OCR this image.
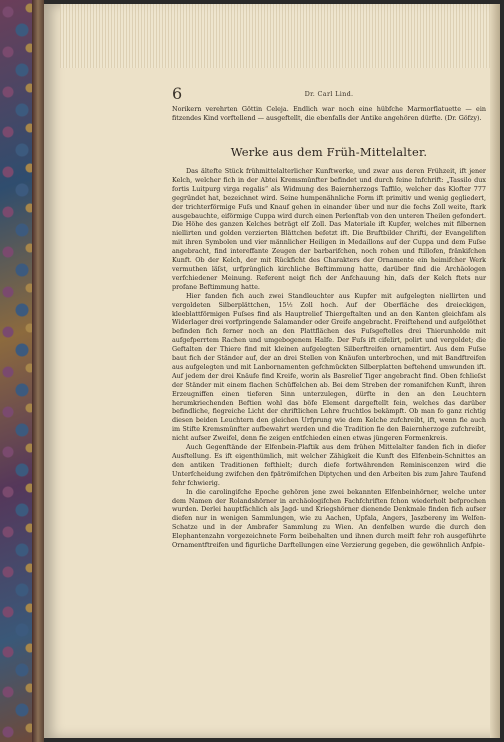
6	Dr. Carl Lind.
Norikern verehrten Göttin Celeja. Endlich war noch eine hübfche Marmorflatuette — ein fitzendes Kind vorftellend — ausgeftellt, die ebenfalls der Antike angehören dürfte. (Dr. Göfzy).
Werke aus dem Früh-Mittelalter.

Das ältefte Stück frühmittelalterlicher Kunftwerke, und zwar aus deren Frühzeit, ift jener Kelch, welcher fich in der Abtei Kremsmünfter befindet und durch feine Infchrift: „Tassilo dux fortis Luitpurg virga regalis“ als Widmung des Baiernherzogs Taffilo, welcher das Klofter 777 gegründet hat, bezeichnet wird. Seine humpenähnliche Form ift primitiv und wenig gegliedert, der trichterförmige Fuſs und Knauf gehen in einander über und nur die fechs Zoll weite, ftark ausgebauchte, eiförmige Cuppa wird durch einen Perlenftab von den unteren Theilen gefondert. Die Höhe des ganzen Kelches beträgt elf Zoll. Das Materiale ift Kupfer, welches mit filbernen niellirten und golden verzierten Blättchen befetzt ift. Die Bruftbilder Chrifti, der Evangeliften mit ihren Symbolen und vier männlicher Heiligen in Medaillons auf der Cuppa und dem Fuſse angebracht, find intereffante Zeugen der barbarifchen, noch rohen und ftillofen, fränkifchen Kunft. Ob der Kelch, der mit Rückficht des Charakters der Ornamente ein heimifcher Werk vermuthen läſst, urfprünglich kirchliche Beftimmung hatte, darüber find die Archäologen verfchiedener Meinung. Referent neigt fich der Anfchauung hin, daſs der Kelch ftets nur profane Beftimmung hatte.

Hier fanden fich auch zwei Standleuchter aus Kupfer mit aufgelegten niellirten und vergoldeten Silberplättchen, 15½ Zoll hoch. Auf der Oberfläche des dreieckigen, kleeblattförmigen Fuſses find als Hauptrelief Thiergeftalten und an den Kanten gleichfam als Widerlager drei vorfpringende Salamander oder Greife angebracht. Freiftehend und aufgelöthet befinden fich ferner noch an den Plattflächen des Fuſsgeftelles drei Thierunholde mit aufgefperrtem Rachen und umgebogenem Halfe. Der Fuſs ift cifelirt, polirt und vergoldet; die Geftalten der Thiere find mit kleinen aufgelegten Silberftreifen ornamentirt. Aus dem Fuſse baut fich der Ständer auf, der an drei Stellen von Knäufen unterbrochen, und mit Bandftreifen aus aufgelegten und mit Lanbornamenten gefchmückten Silberplatten beftehend umwunden ift. Auf jedem der drei Knäufe find Kreife, worin als Basrelief Tiger angebracht find. Oben fchlieſst der Ständer mit einem flachen Schüffelchen ab. Bei dem Streben der romanifchen Kunft, ihren Erzeugniffen einen tieferen Sinn unterzulegen, dürfte in den an den Leuchtern herumkriechenden Beftien wohl das böfe Element dargeftellt fein, welches das darüber befindliche, fiegreiche Licht der chriftlichen Lehre fruchtlos bekämpft. Ob man fo ganz richtig diesen beiden Leuchtern den gleichen Urfprung wie dem Kelche zufchreibt, ift, wenn fie auch im Stifte Kremsmünfter aufbewahrt werden und die Tradition fie den Baiernherzoge zufchreibt, nicht aufser Zweifel, denn fie zeigen entfchieden einen etwas jüngeren Formenkreis.

Auch Gegenftände der Elfenbein-Plaftik aus dem frühen Mittelalter fanden fich in diefer Ausftellung. Es ift eigenthümlich, mit welcher Zähigkeit die Kunft des Elfenbein-Schnittes an den antiken Traditionen fefthielt; durch diefe fortwährenden Reminiscenzen wird die Unterfcheidung zwifchen den fpätrömifchen Diptychen und den Arbeiten bis zum Jahre Taufend fehr fchwierig.

In die carolingifche Epoche gehören jene zwei bekannten Elfenbeinhörner, welche unter dem Namen der Rolandshörner in archäologifchen Fachfchriften fchon wiederholt befprochen wurden. Derlei hauptfächlich als Jagd- und Kriegshörner dienende Denkmale finden fich aufser diefen nur in wenigen Sammlungen, wie zu Aachen, Upfala, Angers, Jaszbereny im Welfen-Schatze und in der Ambrafer Sammlung zu Wien. An denfelben wurde die durch den Elephantenzahn vorgezeichnete Form beibehalten und ihnen durch meift fehr roh ausgeführte Ornamentftreifen und figurliche Darftellungen eine Verzierung gegeben, die gewöhnlich Anfpie-
